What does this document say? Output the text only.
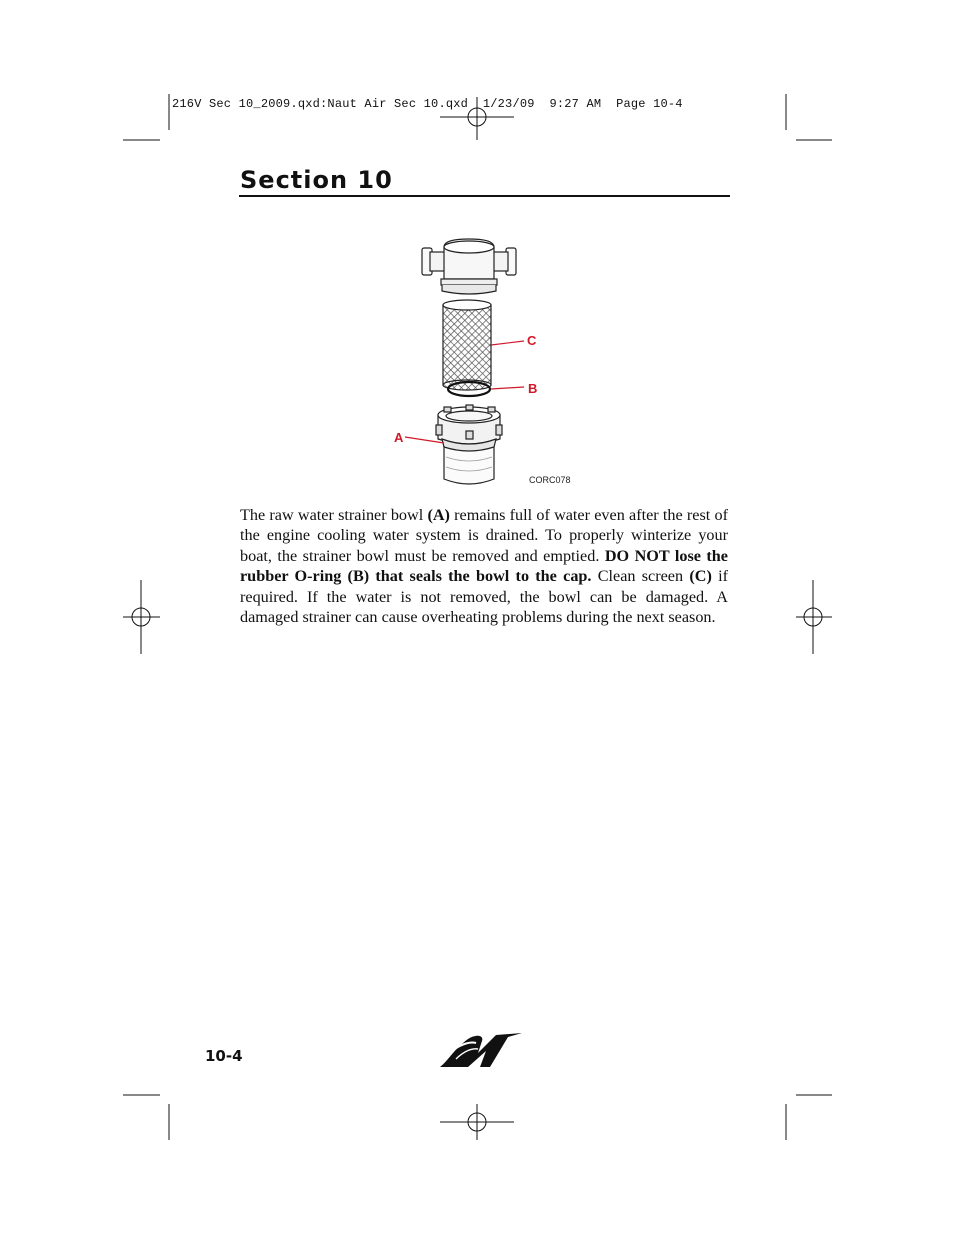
216V Sec 10_2009.qxd:Naut Air Sec 10.qxd  1/23/09  9:27 AM  Page 10-4
Section 10
C
B
A
CORC078

The raw water strainer bowl (A) remains full of water even after the rest of the engine cooling water system is drained. To properly winterize your boat, the strainer bowl must be removed and emptied. DO NOT lose the rubber O-ring (B) that seals the bowl to the cap. Clean screen (C) if required. If the water is not removed, the bowl can be damaged. A damaged strainer can cause overheating problems during the next season.

10-4
